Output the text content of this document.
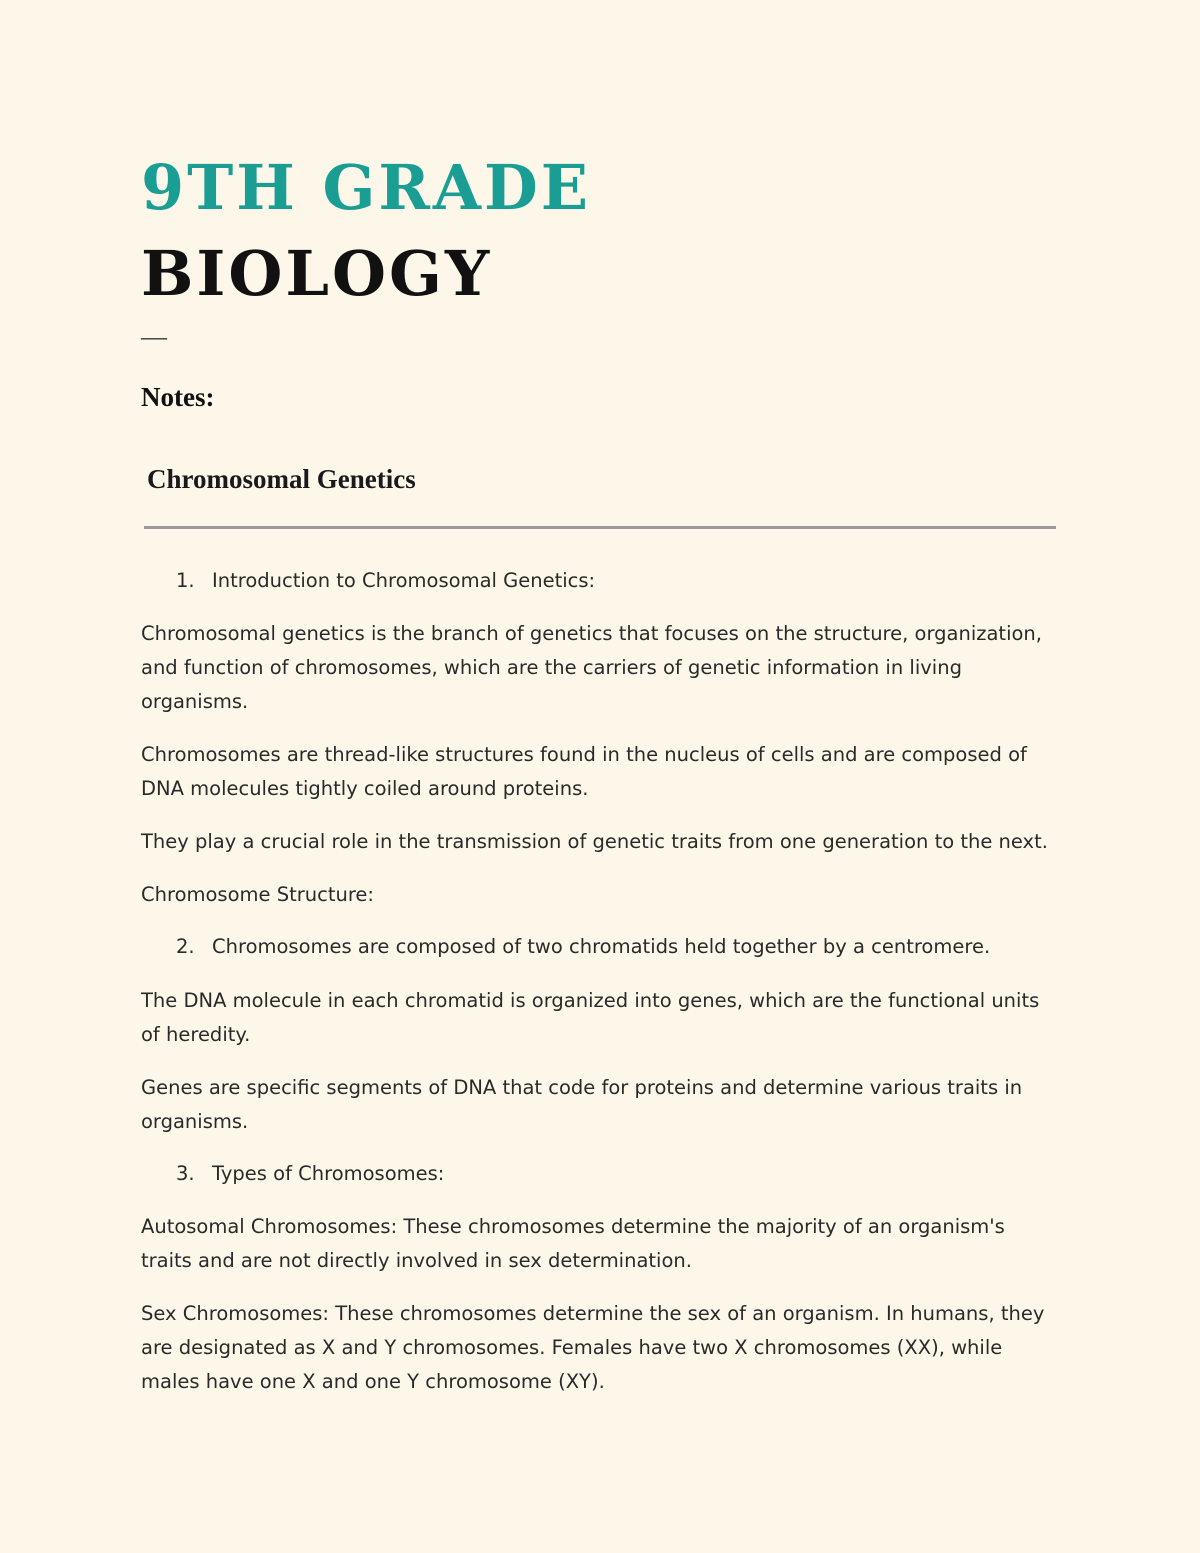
9TH GRADE
BIOLOGY
—
Notes:
Chromosomal Genetics

1. Introduction to Chromosomal Genetics:

Chromosomal genetics is the branch of genetics that focuses on the structure, organization, and function of chromosomes, which are the carriers of genetic information in living organisms.

Chromosomes are thread-like structures found in the nucleus of cells and are composed of DNA molecules tightly coiled around proteins.

They play a crucial role in the transmission of genetic traits from one generation to the next.

Chromosome Structure:

2. Chromosomes are composed of two chromatids held together by a centromere.

The DNA molecule in each chromatid is organized into genes, which are the functional units of heredity.

Genes are specific segments of DNA that code for proteins and determine various traits in organisms.

3. Types of Chromosomes:

Autosomal Chromosomes: These chromosomes determine the majority of an organism's traits and are not directly involved in sex determination.

Sex Chromosomes: These chromosomes determine the sex of an organism. In humans, they are designated as X and Y chromosomes. Females have two X chromosomes (XX), while males have one X and one Y chromosome (XY).
